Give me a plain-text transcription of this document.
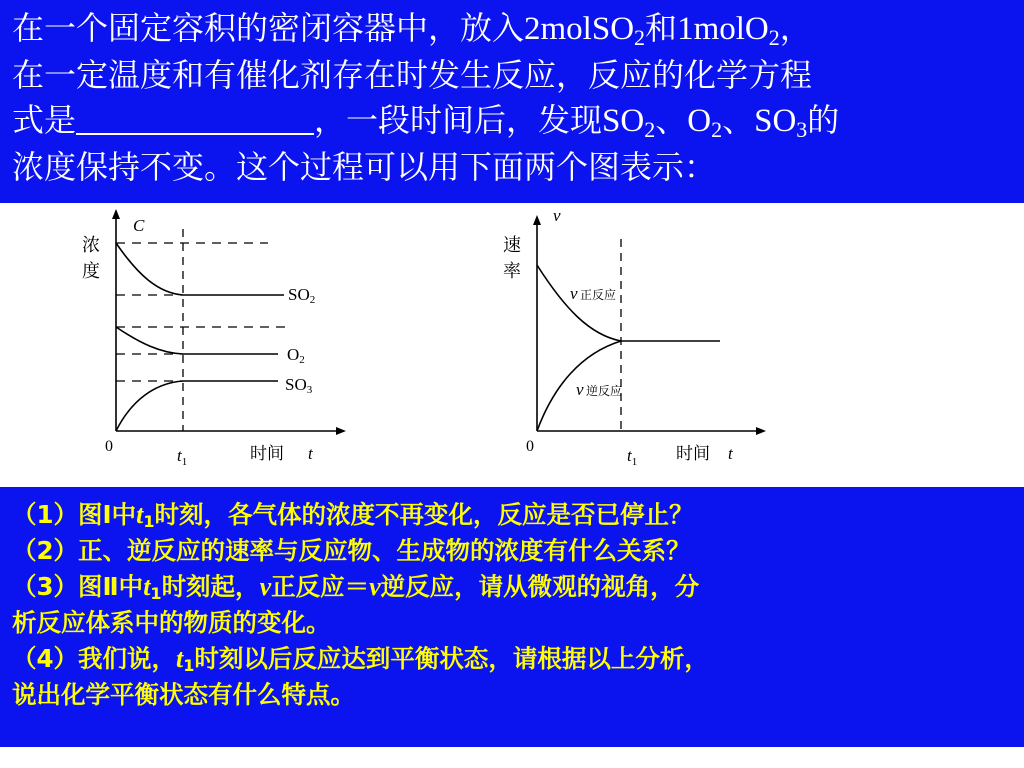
在一个固定容积的密闭容器中，放入2molSO$_2$和1molO$_2$，
在一定温度和有催化剂存在时发生反应，反应的化学方程
式是	，一段时间后，发现$SO_2$、$O_2$、$SO_3$的
浓度保持不变。这个过程可以用下面两个图表示：
C
浓
度
0	$t_1$	时间 t
SO2
O2
SO3
v
速
率
0	$t_1$ 时间 t
v 正反应
v 逆反应
（1）图Ⅰ中$t_1$时刻，各气体的浓度不再变化，反应是否已停止？
（2）正、逆反应的速率与反应物、生成物的浓度有什么关系？
（3）图Ⅱ中$t_1$时刻起，v正反应＝v逆反应，请从微观的视角，分
析反应体系中的物质的变化。
（4）我们说，$t_1$时刻以后反应达到平衡状态，请根据以上分析，
说出化学平衡状态有什么特点。
